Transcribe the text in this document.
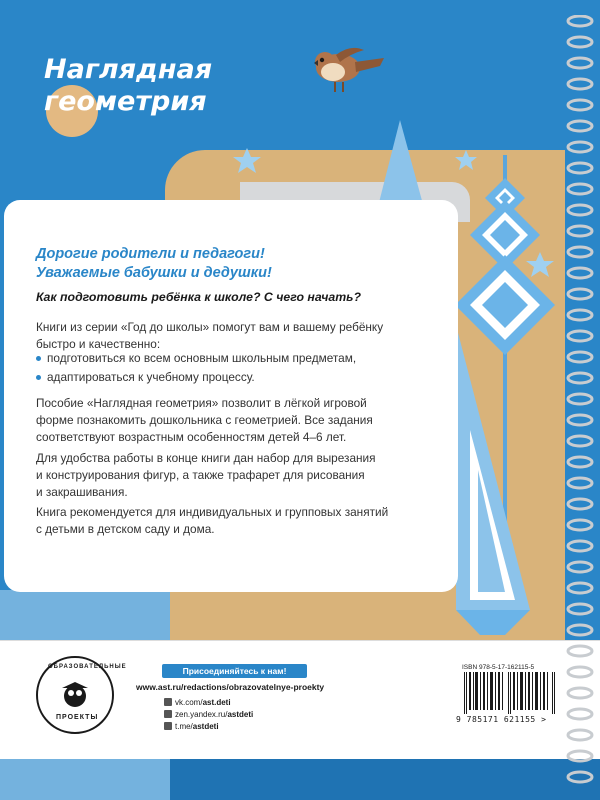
Наглядная
геометрия
Дорогие родители и педагоги!
Уважаемые бабушки и дедушки!
Как подготовить ребёнка к школе? С чего начать?
Книги из серии «Год до школы» помогут вам и вашему ребёнку
быстро и качественно:
подготовиться ко всем основным школьным предметам,
адаптироваться к учебному процессу.
Пособие «Наглядная геометрия» позволит в лёгкой игровой
форме познакомить дошкольника с геометрией. Все задания
соответствуют возрастным особенностям детей 4–6 лет.
Для удобства работы в конце книги дан набор для вырезания
и конструирования фигур, а также трафарет для рисования
и закрашивания.
Книга рекомендуется для индивидуальных и групповых занятий
с детьми в детском саду и дома.
ОБРАЗОВАТЕЛЬНЫЕ
ПРОЕКТЫ
Присоединяйтесь к нам!
www.ast.ru/redactions/obrazovatelnye-proekty
vk.com/ast.deti
zen.yandex.ru/astdeti
t.me/astdeti
ISBN 978-5-17-162115-5
9 785171 621155 >
